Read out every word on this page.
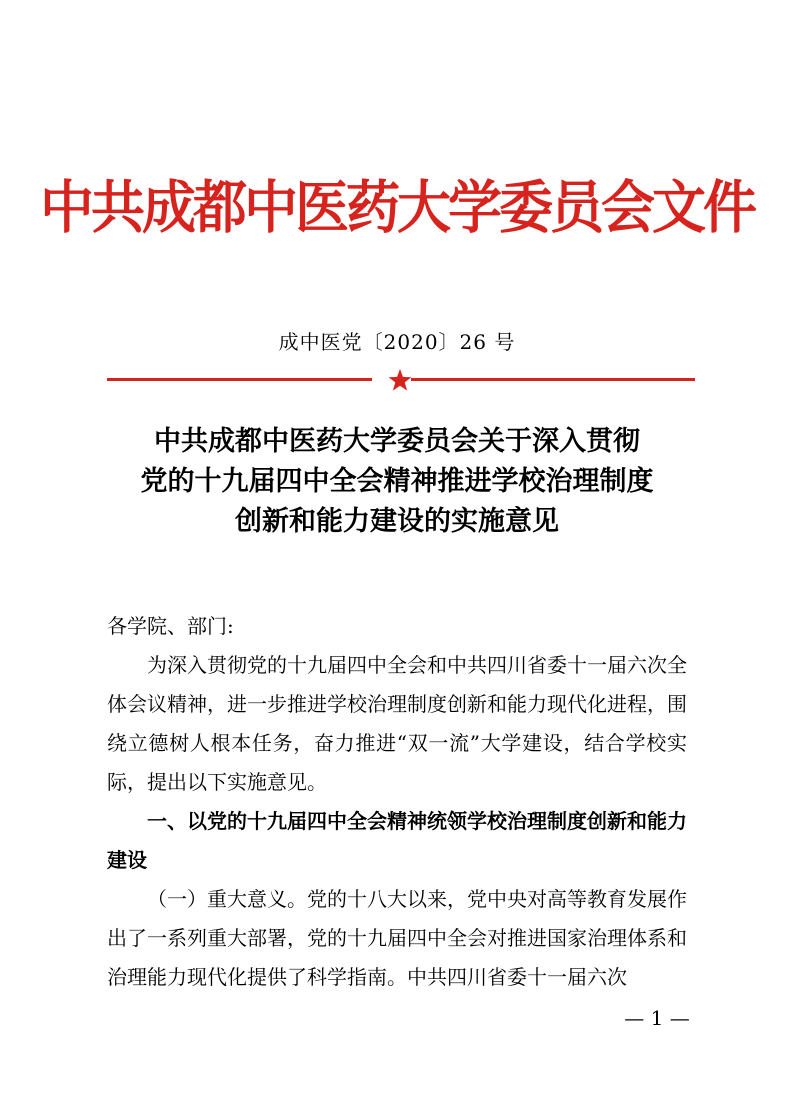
中共成都中医药大学委员会文件
成中医党〔2020〕26 号
中共成都中医药大学委员会关于深入贯彻
党的十九届四中全会精神推进学校治理制度
创新和能力建设的实施意见

各学院、部门:

为深入贯彻党的十九届四中全会和中共四川省委十一届六次全体会议精神，进一步推进学校治理制度创新和能力现代化进程，围绕立德树人根本任务，奋力推进“双一流”大学建设，结合学校实际，提出以下实施意见。

一、以党的十九届四中全会精神统领学校治理制度创新和能力建设

（一）重大意义。党的十八大以来，党中央对高等教育发展作出了一系列重大部署，党的十九届四中全会对推进国家治理体系和治理能力现代化提供了科学指南。中共四川省委十一届六次

— 1 —
